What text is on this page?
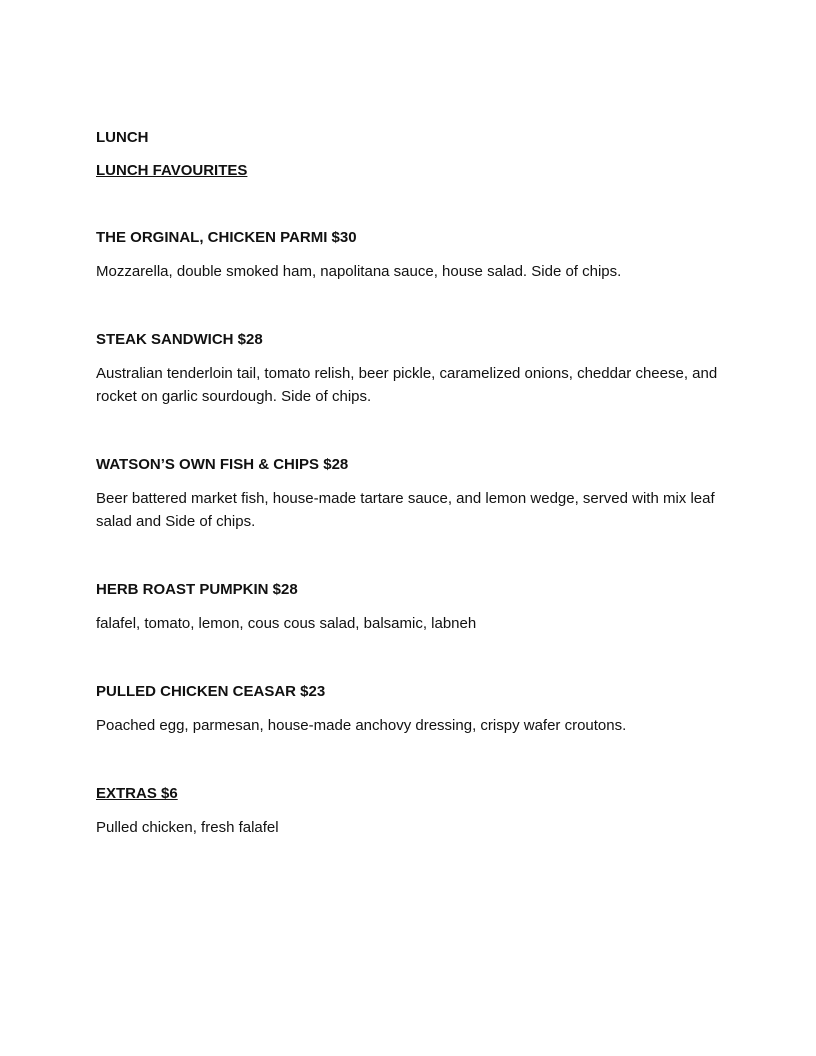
LUNCH
LUNCH FAVOURITES
THE ORGINAL, CHICKEN PARMI $30

Mozzarella, double smoked ham, napolitana sauce, house salad. Side of chips.

STEAK SANDWICH $28

Australian tenderloin tail, tomato relish, beer pickle, caramelized onions, cheddar cheese, and rocket on garlic sourdough. Side of chips.

WATSON’S OWN FISH & CHIPS $28

Beer battered market fish, house-made tartare sauce, and lemon wedge, served with mix leaf salad and Side of chips.

HERB ROAST PUMPKIN $28

falafel, tomato, lemon, cous cous salad, balsamic, labneh

PULLED CHICKEN CEASAR $23

Poached egg, parmesan, house-made anchovy dressing, crispy wafer croutons.

EXTRAS $6

Pulled chicken, fresh falafel
